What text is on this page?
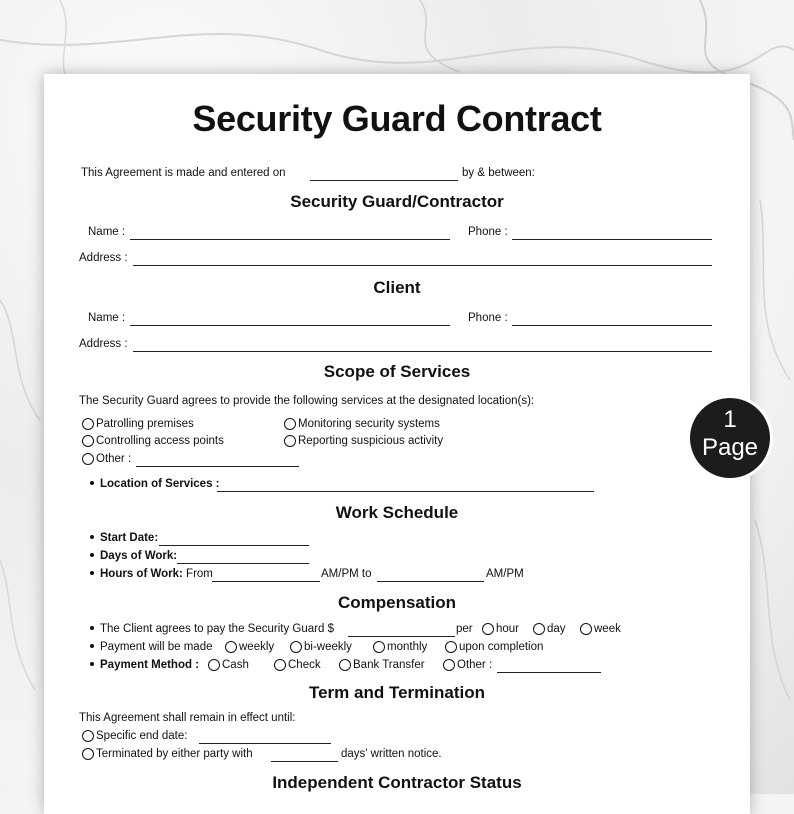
Security Guard Contract
This Agreement is made and entered on	by & between:
Security Guard/Contractor
Name :	Phone :
Address :
Client
Name :	Phone :
Address :
Scope of Services
The Security Guard agrees to provide the following services at the designated location(s):
Patrolling premises	Monitoring security systems
Controlling access points	Reporting suspicious activity
Other :
Location of Services :
Work Schedule
Start Date:
Days of Work:
Hours of Work: From	AM/PM to	AM/PM
Compensation
The Client agrees to pay the Security Guard $	per	hour	day	week
Payment will be made	weekly	bi-weekly	monthly	upon completion
Payment Method :	Cash	Check	Bank Transfer	Other :
Term and Termination
This Agreement shall remain in effect until:
Specific end date:
Terminated by either party with	days' written notice.
Independent Contractor Status
1
Page
